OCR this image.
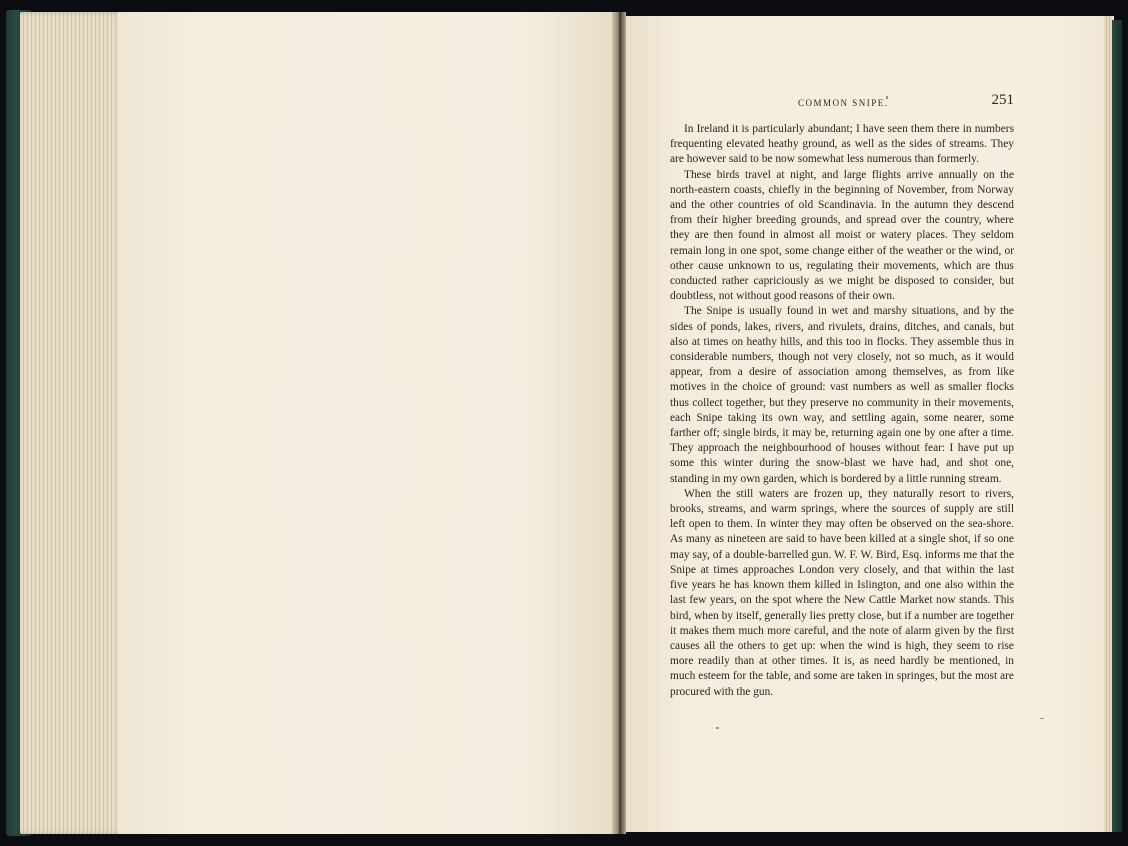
COMMON SNIPE.	251

In Ireland it is particularly abundant; I have seen them there in numbers frequenting elevated heathy ground, as well as the sides of streams. They are however said to be now somewhat less numerous than formerly.

These birds travel at night, and large flights arrive annually on the north-eastern coasts, chiefly in the beginning of November, from Norway and the other countries of old Scandinavia. In the autumn they descend from their higher breeding grounds, and spread over the country, where they are then found in almost all moist or watery places. They seldom remain long in one spot, some change either of the weather or the wind, or other cause unknown to us, regulating their movements, which are thus conducted rather capriciously as we might be disposed to consider, but doubtless, not without good reasons of their own.

The Snipe is usually found in wet and marshy situations, and by the sides of ponds, lakes, rivers, and rivulets, drains, ditches, and canals, but also at times on heathy hills, and this too in flocks. They assemble thus in considerable numbers, though not very closely, not so much, as it would appear, from a desire of association among themselves, as from like motives in the choice of ground: vast numbers as well as smaller flocks thus collect together, but they preserve no community in their movements, each Snipe taking its own way, and settling again, some nearer, some farther off; single birds, it may be, returning again one by one after a time. They approach the neighbourhood of houses without fear: I have put up some this winter during the snow-blast we have had, and shot one, standing in my own garden, which is bordered by a little running stream.

When the still waters are frozen up, they naturally resort to rivers, brooks, streams, and warm springs, where the sources of supply are still left open to them. In winter they may often be observed on the sea-shore. As many as nineteen are said to have been killed at a single shot, if so one may say, of a double-barrelled gun. W. F. W. Bird, Esq. informs me that the Snipe at times approaches London very closely, and that within the last five years he has known them killed in Islington, and one also within the last few years, on the spot where the New Cattle Market now stands. This bird, when by itself, generally lies pretty close, but if a number are together it makes them much more careful, and the note of alarm given by the first causes all the others to get up: when the wind is high, they seem to rise more readily than at other times. It is, as need hardly be mentioned, in much esteem for the table, and some are taken in springes, but the most are procured with the gun.
